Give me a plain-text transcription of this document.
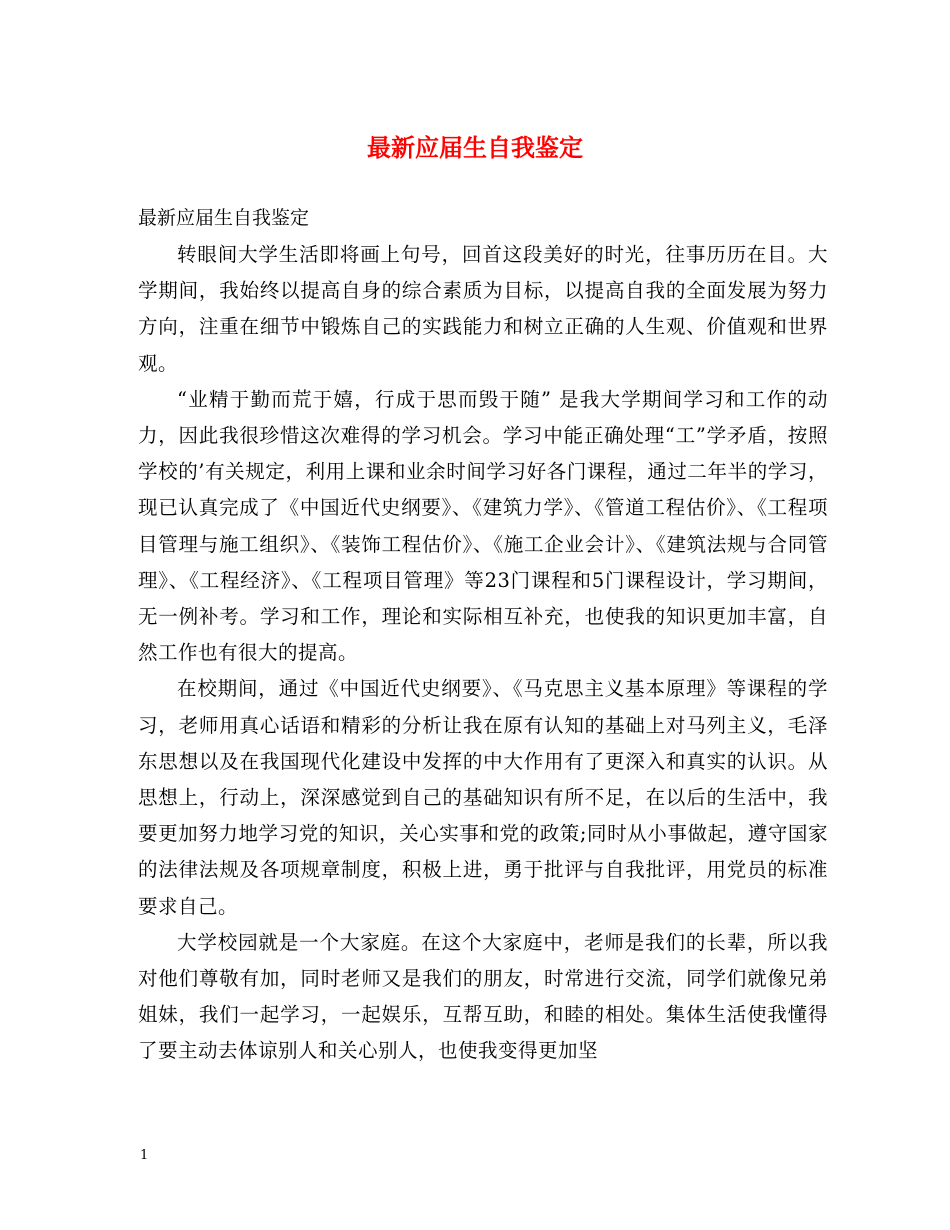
最新应届生自我鉴定
最新应届生自我鉴定

转眼间大学生活即将画上句号，回首这段美好的时光，往事历历在目。大学期间，我始终以提高自身的综合素质为目标，以提高自我的全面发展为努力方向，注重在细节中锻炼自己的实践能力和树立正确的人生观、价值观和世界观。

“业精于勤而荒于嬉，行成于思而毁于随” 是我大学期间学习和工作的动力，因此我很珍惜这次难得的学习机会。学习中能正确处理“工”学矛盾，按照学校的’有关规定，利用上课和业余时间学习好各门课程，通过二年半的学习，现已认真完成了《中国近代史纲要》、《建筑力学》、《管道工程估价》、《工程项目管理与施工组织》、《装饰工程估价》、《施工企业会计》、《建筑法规与合同管理》、《工程经济》、《工程项目管理》等23门课程和5门课程设计，学习期间，无一例补考。学习和工作，理论和实际相互补充，也使我的知识更加丰富，自然工作也有很大的提高。

在校期间，通过《中国近代史纲要》、《马克思主义基本原理》等课程的学习，老师用真心话语和精彩的分析让我在原有认知的基础上对马列主义，毛泽东思想以及在我国现代化建设中发挥的中大作用有了更深入和真实的认识。从思想上，行动上，深深感觉到自己的基础知识有所不足，在以后的生活中，我要更加努力地学习党的知识，关心实事和党的政策;同时从小事做起，遵守国家的法律法规及各项规章制度，积极上进，勇于批评与自我批评，用党员的标准要求自己。

大学校园就是一个大家庭。在这个大家庭中，老师是我们的长辈，所以我对他们尊敬有加，同时老师又是我们的朋友，时常进行交流，同学们就像兄弟姐妹，我们一起学习，一起娱乐，互帮互助，和睦的相处。集体生活使我懂得了要主动去体谅别人和关心别人，也使我变得更加坚

1
